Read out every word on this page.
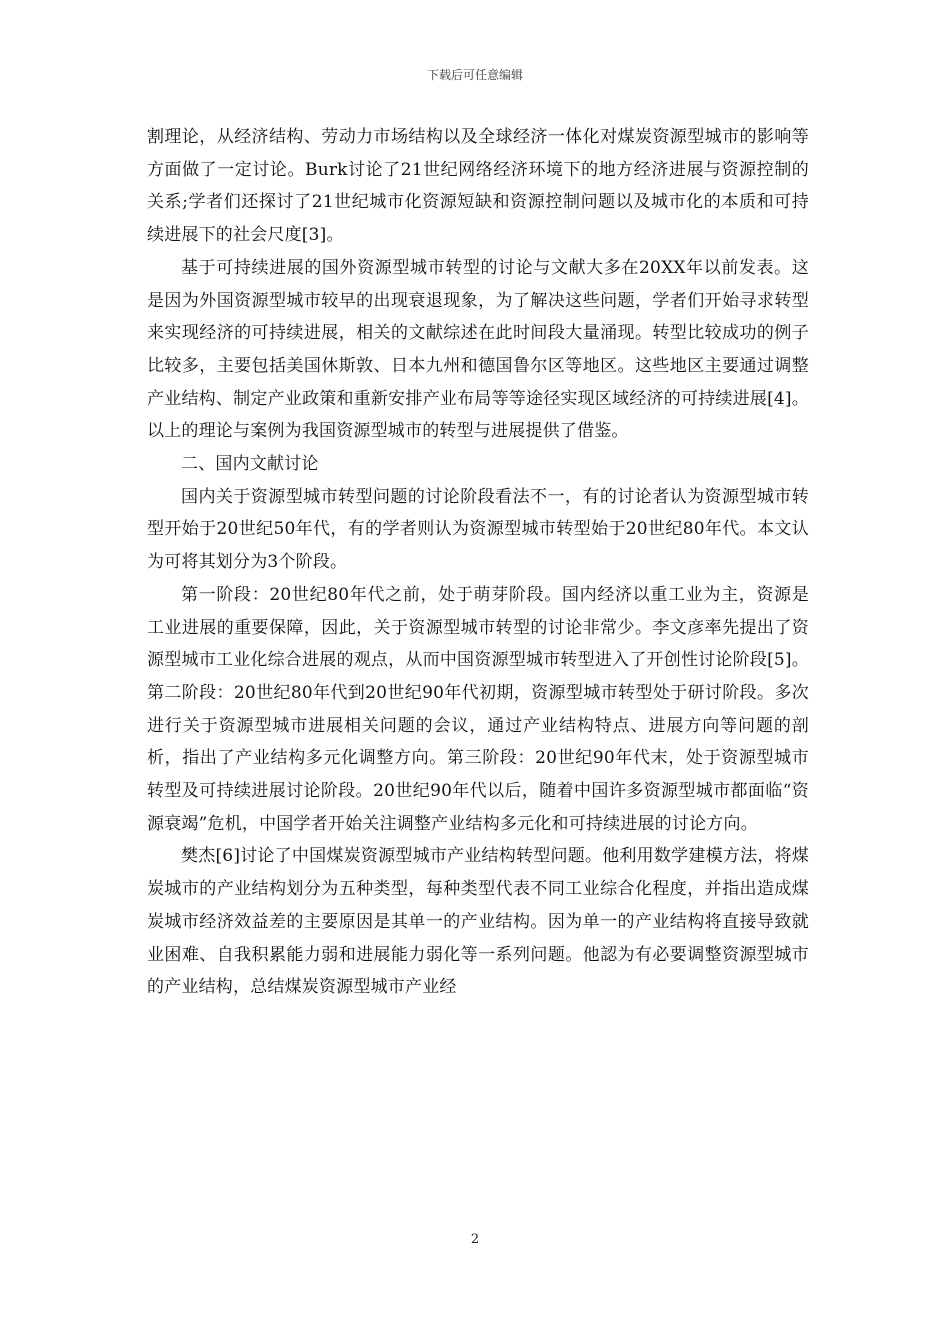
下载后可任意编辑

割理论，从经济结构、劳动力市场结构以及全球经济一体化对煤炭资源型城市的影响等方面做了一定讨论。Burk讨论了21世纪网络经济环境下的地方经济进展与资源控制的关系;学者们还探讨了21世纪城市化资源短缺和资源控制问题以及城市化的本质和可持续进展下的社会尺度[3]。

基于可持续进展的国外资源型城市转型的讨论与文献大多在20XX年以前发表。这是因为外国资源型城市较早的出现衰退现象，为了解决这些问题，学者们开始寻求转型来实现经济的可持续进展，相关的文献综述在此时间段大量涌现。转型比较成功的例子比较多，主要包括美国休斯敦、日本九州和德国鲁尔区等地区。这些地区主要通过调整产业结构、制定产业政策和重新安排产业布局等等途径实现区域经济的可持续进展[4]。以上的理论与案例为我国资源型城市的转型与进展提供了借鉴。

二、国内文献讨论

国内关于资源型城市转型问题的讨论阶段看法不一，有的讨论者认为资源型城市转型开始于20世纪50年代，有的学者则认为资源型城市转型始于20世纪80年代。本文认为可将其划分为3个阶段。

第一阶段：20世纪80年代之前，处于萌芽阶段。国内经济以重工业为主，资源是工业进展的重要保障，因此，关于资源型城市转型的讨论非常少。李文彦率先提出了资源型城市工业化综合进展的观点，从而中国资源型城市转型进入了开创性讨论阶段[5]。第二阶段：20世纪80年代到20世纪90年代初期，资源型城市转型处于研讨阶段。多次进行关于资源型城市进展相关问题的会议，通过产业结构特点、进展方向等问题的剖析，指出了产业结构多元化调整方向。第三阶段：20世纪90年代末，处于资源型城市转型及可持续进展讨论阶段。20世纪90年代以后，随着中国许多资源型城市都面临“资源衰竭”危机，中国学者开始关注调整产业结构多元化和可持续进展的讨论方向。

樊杰[6]讨论了中国煤炭资源型城市产业结构转型问题。他利用数学建模方法，将煤炭城市的产业结构划分为五种类型，每种类型代表不同工业综合化程度，并指出造成煤炭城市经济效益差的主要原因是其单一的产业结构。因为单一的产业结构将直接导致就业困难、自我积累能力弱和进展能力弱化等一系列问题。他認为有必要调整资源型城市的产业结构，总结煤炭资源型城市产业经

2
